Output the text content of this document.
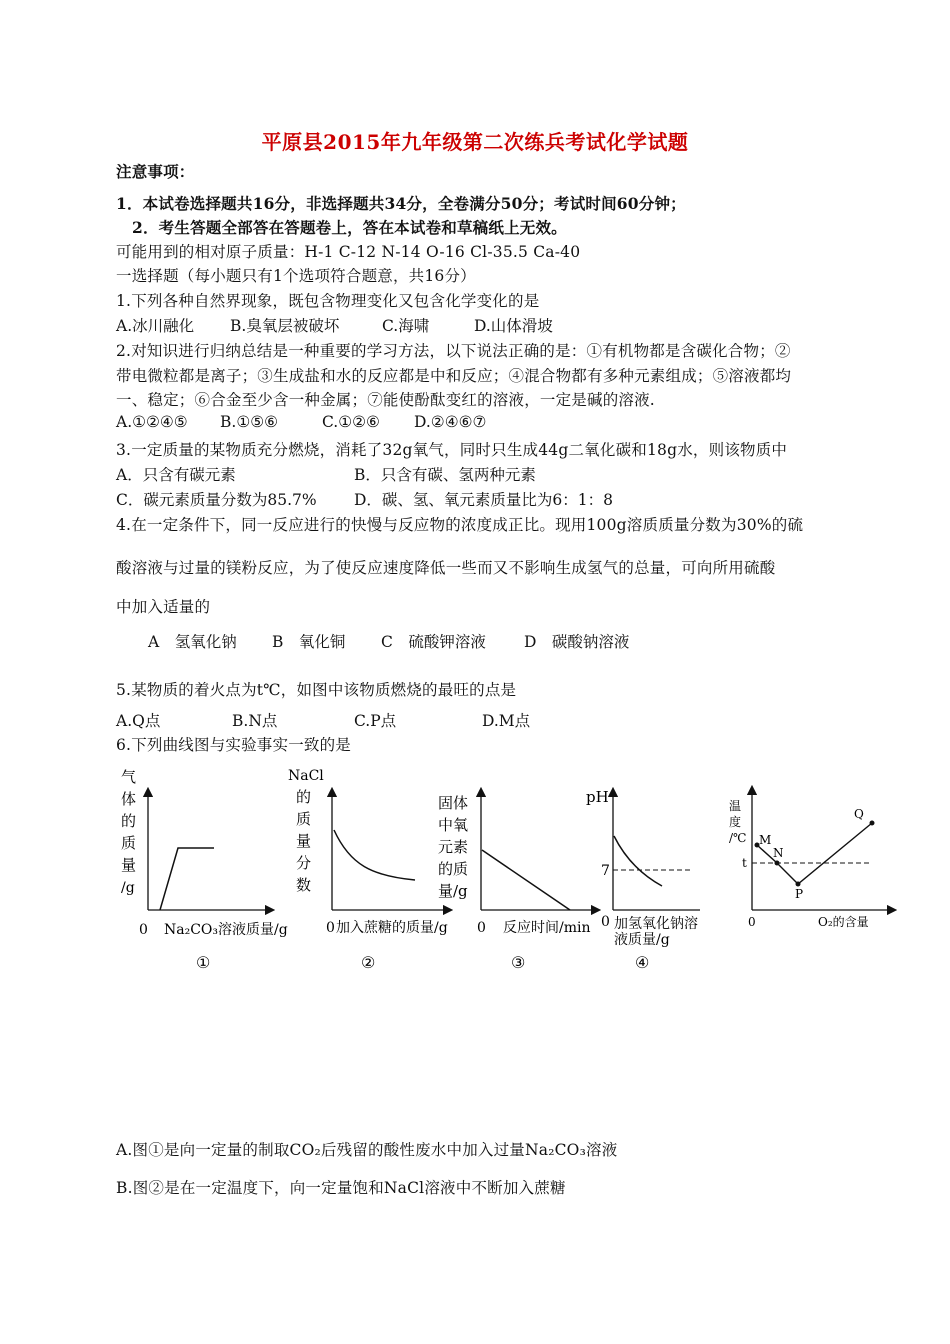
平原县2015年九年级第二次练兵考试化学试题
注意事项：
1．本试卷选择题共16分，非选择题共34分，全卷满分50分；考试时间60分钟；
2．考生答题全部答在答题卷上，答在本试卷和草稿纸上无效。
可能用到的相对原子质量：H-1 C-12 N-14 O-16 Cl-35.5 Ca-40
一选择题（每小题只有1个选项符合题意，共16分）
1.下列各种自然界现象，既包含物理变化又包含化学变化的是
A.冰川融化 B.臭氧层被破坏	C.海啸	D.山体滑坡
2.对知识进行归纳总结是一种重要的学习方法，以下说法正确的是：①有机物都是含碳化合物；②
带电微粒都是离子；③生成盐和水的反应都是中和反应；④混合物都有多种元素组成；⑤溶液都均
一、稳定；⑥合金至少含一种金属；⑦能使酚酞变红的溶液，一定是碱的溶液.
A.①②④⑤ B.①⑤⑥	C.①②⑥ D.②④⑥⑦
3.一定质量的某物质充分燃烧，消耗了32g氧气，同时只生成44g二氧化碳和18g水，则该物质中
A．只含有碳元素	B．只含有碳、氢两种元素
C．碳元素质量分数为85.7% D．碳、氢、氧元素质量比为6：1：8
4.在一定条件下，同一反应进行的快慢与反应物的浓度成正比。现用100g溶质质量分数为30%的硫
酸溶液与过量的镁粉反应，为了使反应速度降低一些而又不影响生成氢气的总量，可向所用硫酸
中加入适量的
A　氢氧化钠 B　氧化铜 C　硫酸钾溶液 D　碳酸钠溶液
5.某物质的着火点为t℃，如图中该物质燃烧的最旺的点是
A.Q点	B.N点	C.P点	D.M点
6.下列曲线图与实验事实一致的是
气
体
的
质
量
/g
0 Na₂CO₃溶液质量/g
①
NaCl
的
质
量
分
数
0 加入蔗糖的质量/g
②
固体
中氧
元素
的质
量/g
0 反应时间/min
③
pH
7
0 加氢氧化钠溶
液质量/g
④
温
度
/℃ M
N
P
Q
t
0	O₂的含量
A.图①是向一定量的制取CO₂后残留的酸性废水中加入过量Na₂CO₃溶液
B.图②是在一定温度下，向一定量饱和NaCl溶液中不断加入蔗糖
